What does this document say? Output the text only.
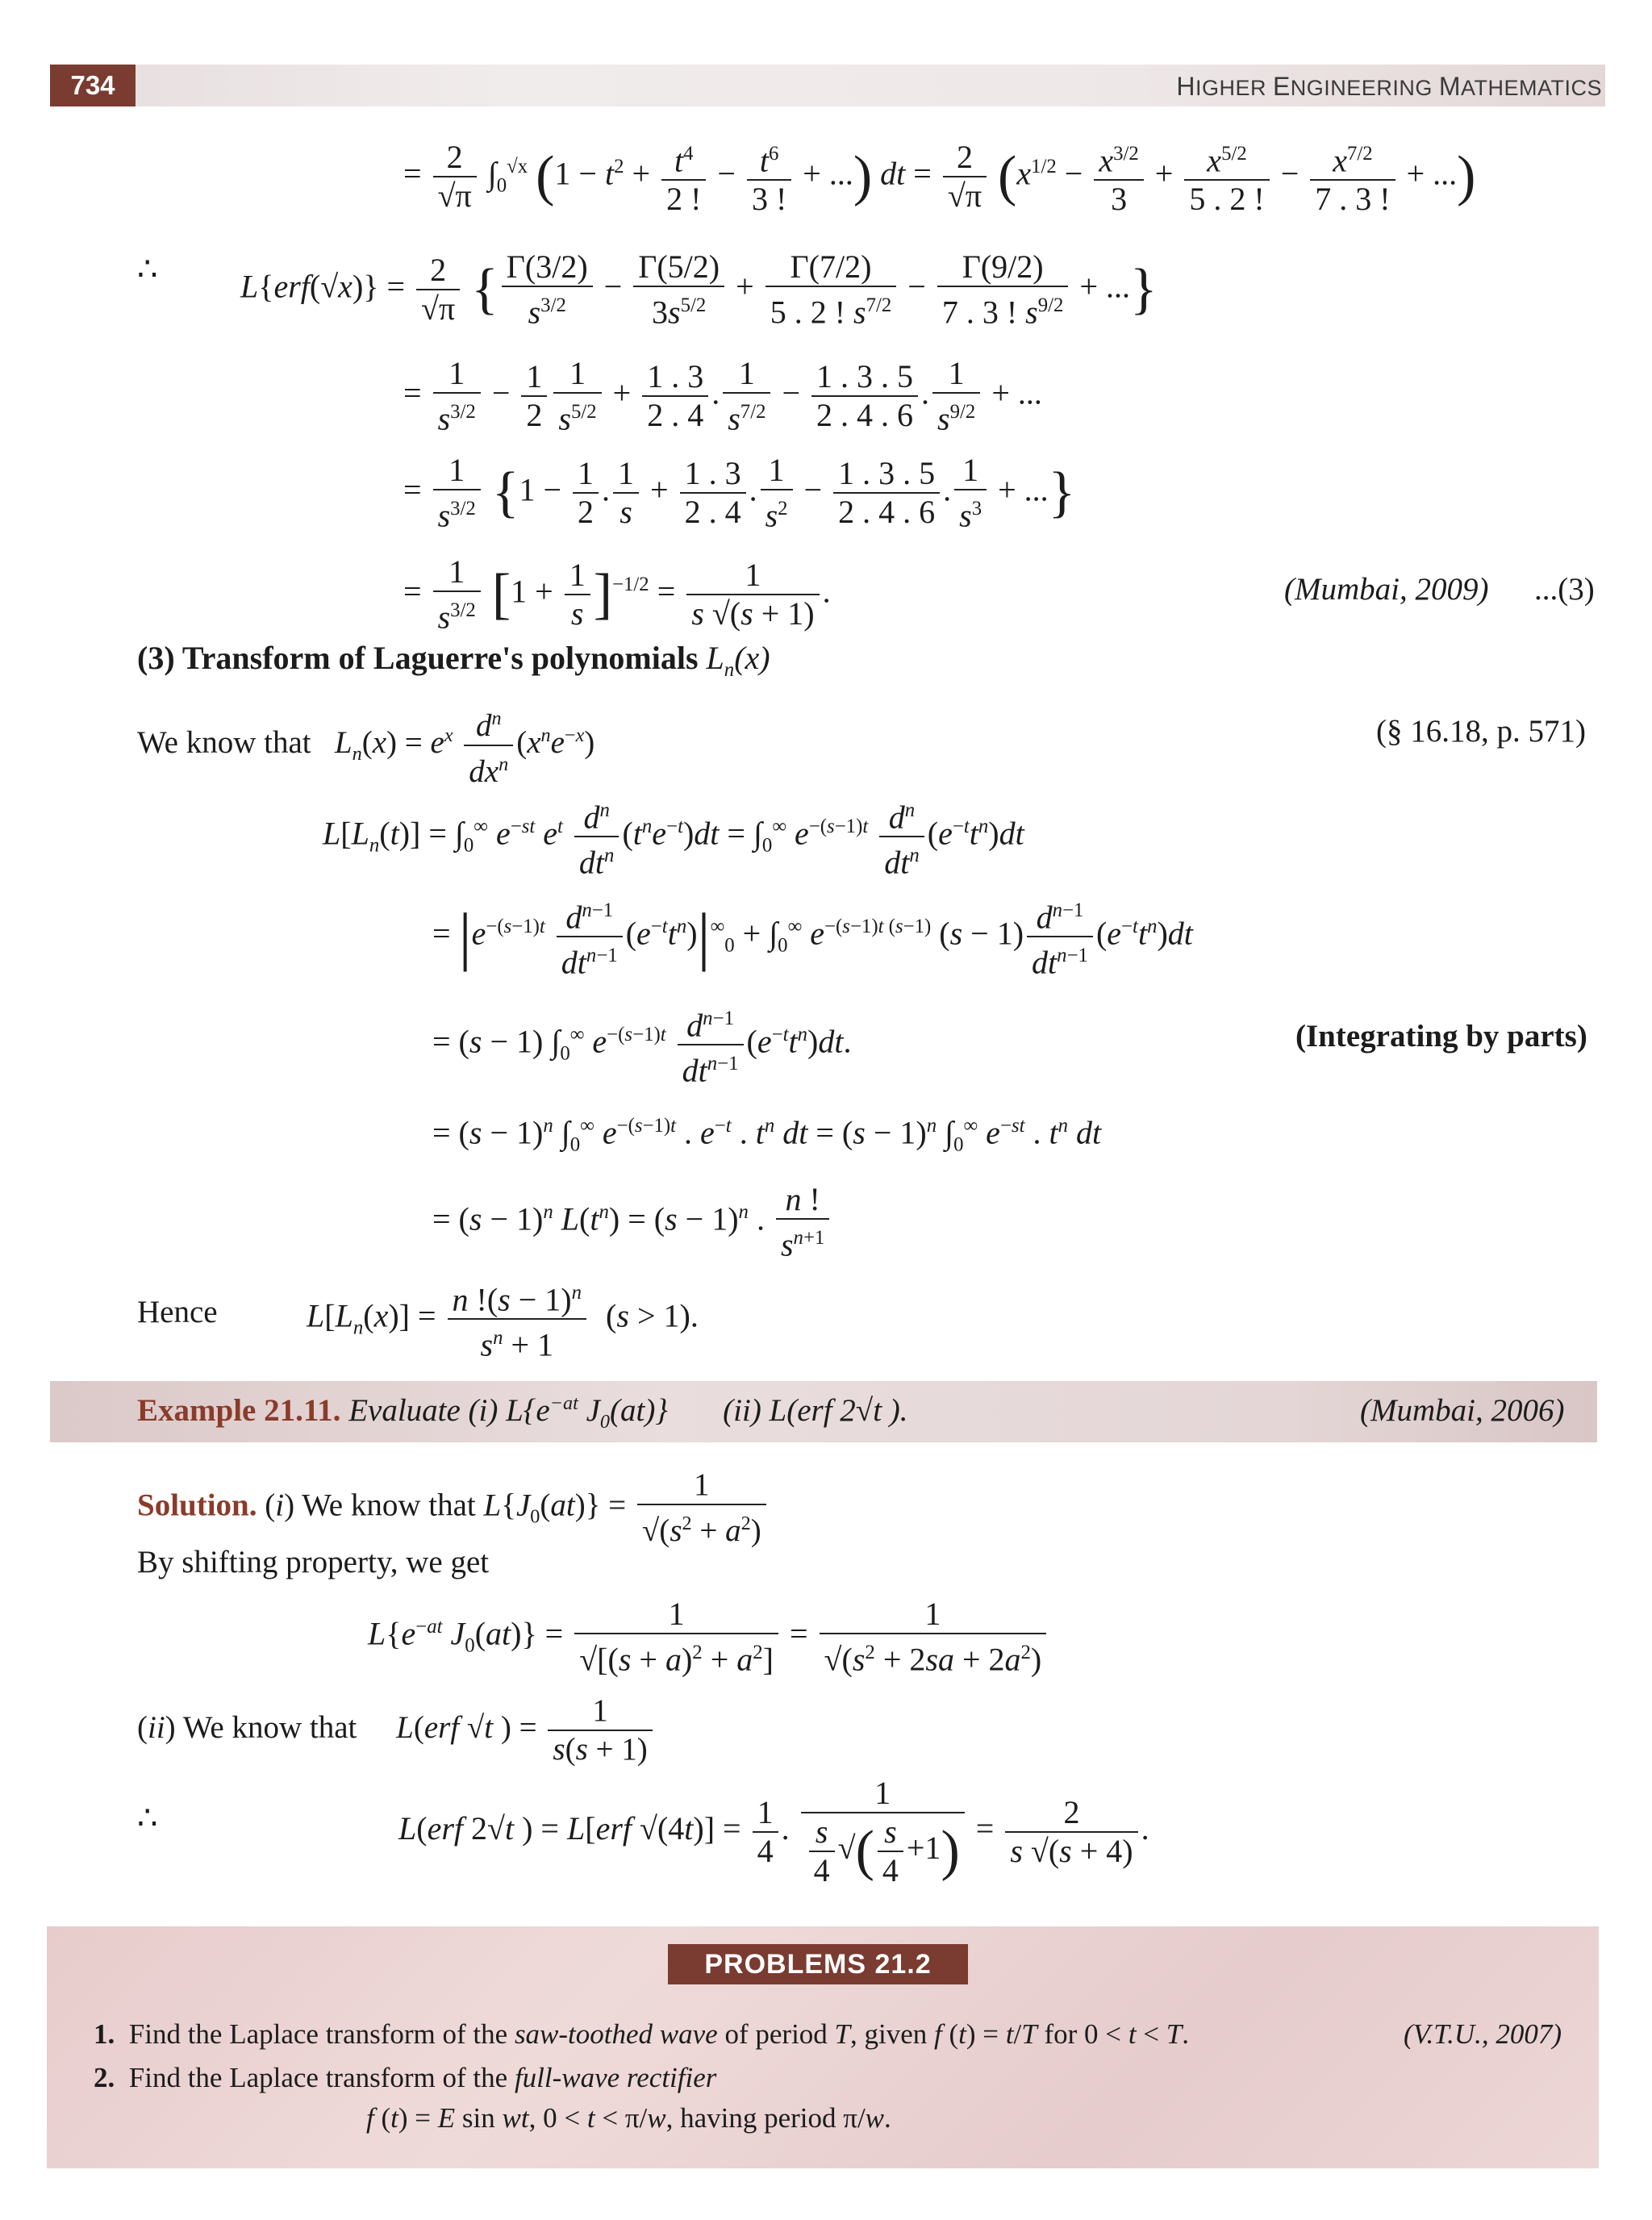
734	HIGHER ENGINEERING MATHEMATICS
= $\frac{2}{√\pi} \int_0^{√x}$ ($1 - t^2 + \frac{t^4}{2 !} - \frac{t^6}{3 !}$ + ...) dt = $\frac{2}{√\pi} (x^{1/2} - \frac{x^{3/2}}{3} + \frac{x^{5/2}}{5 . 2 !} - \frac{x^{7/2}}{7 . 3 !}$ + ...)
∴	$L\{erf(√x)\} = \frac{2}{√\pi}$ { $\frac{\Gamma(3/2)}{s^{3/2}} - \frac{\Gamma(5/2)}{3s^{5/2}} + \frac{\Gamma(7/2)}{5 . 2 ! s^{7/2}} - \frac{\Gamma(9/2)}{7 . 3 ! s^{9/2}}$ + ...}
= $\frac{1}{s^{3/2}} - \frac{1}{2} \frac{1}{s^{5/2}} + \frac{1 . 3}{2 . 4}$ . $\frac{1}{s^{7/2}} - \frac{1 . 3 . 5}{2 . 4 . 6}$ . $\frac{1}{s^{9/2}}$ + ...
= $\frac{1}{s^{3/2}} \{1 - \frac{1}{2}$ . $\frac{1}{s} + \frac{1 . 3}{2 . 4}$ . $\frac{1}{s^2} - \frac{1 . 3 . 5}{2 . 4 . 6}$ . $\frac{1}{s^3}$ + ...}
= $\frac{1}{s^{3/2}} [1 + \frac{1}{s} ]^{-1/2} = \frac{1}{s √(s + 1)}$ .	(Mumbai, 2009) ...(3)
(3) Transform of Laguerre's polynomials $L_n(x)$
We know that $L_n(x) = e^x \frac{d^n}{dx^n} (x^ne^{-x})$	(§ 16.18, p. 571)
$L[L_n(t)] = \int_0^\infty$ $e^{-st}$ $e^t \frac{d^n}{dt^n} (t^ne^{-t})dt = \int_0^\infty$ $e^{-(s-1)t} \frac{d^n}{dt^n} (e^{-t}t^n)dt$
= $|e^{-(s-1)t} \frac{d^{n-1}}{dt^{n-1}} (e^{-t}t^n)|^\infty_0 + \int_0^\infty$ $e^{-(s-1)t (s-1)}$ $(s - 1) \frac{d^{n-1}}{dt^{n-1}} (e^{-t}t^n)dt$
= (s − 1) $\int_0^\infty$ $e^{-(s-1)t} \frac{d^{n-1}}{dt^{n-1}} (e^{-t}t^n)dt$.	(Integrating by parts)
= $(s - 1)^n$ $\int_0^\infty$ $e^{-(s-1)t}$ . $e^{-t}$ . $t^n$ dt = $(s - 1)^n$ $\int_0^\infty$ $e^{-st}$ . $t^n$ dt
= $(s - 1)^n$ $L(t^n) = (s - 1)^n$ . $\frac{n !}{s^{n+1}}$
Hence	$L[L_n(x)] = \frac{n !(s - 1)^n}{s^n + 1} (s > 1)$.
Example 21.11. Evaluate (i) $L\{e^{-at}$ $J_0(at)$} (ii) L(erf 2√t ).	(Mumbai, 2006)
Solution. (i) We know that $L\{J_0(at)\} = \frac{1}{√(s^2 + a^2)}$
By shifting property, we get
$L\{e^{-at}$ $J_0(at)\} = \frac{1}{√[(s + a)^2 + a^2]} = \frac{1}{√(s^2 + 2sa + 2a^2)}$
(ii) We know that     L(erf √t ) = $\frac{1}{s(s + 1)}$
∴	L(erf 2√t ) = L[erf $√(4t)] = \frac{1}{4}$ . $\frac{1}{\frac{s}{4} √( \frac{s}{4} +1)} = \frac{2}{s √(s + 4)}$ .
PROBLEMS 21.2
1.  Find the Laplace transform of the saw-toothed wave of period T, given f (t) = t/T for 0 < t < T.	(V.T.U., 2007)
2.  Find the Laplace transform of the full-wave rectifier
f (t) = E sin wt, 0 < t < π/w, having period π/w.
